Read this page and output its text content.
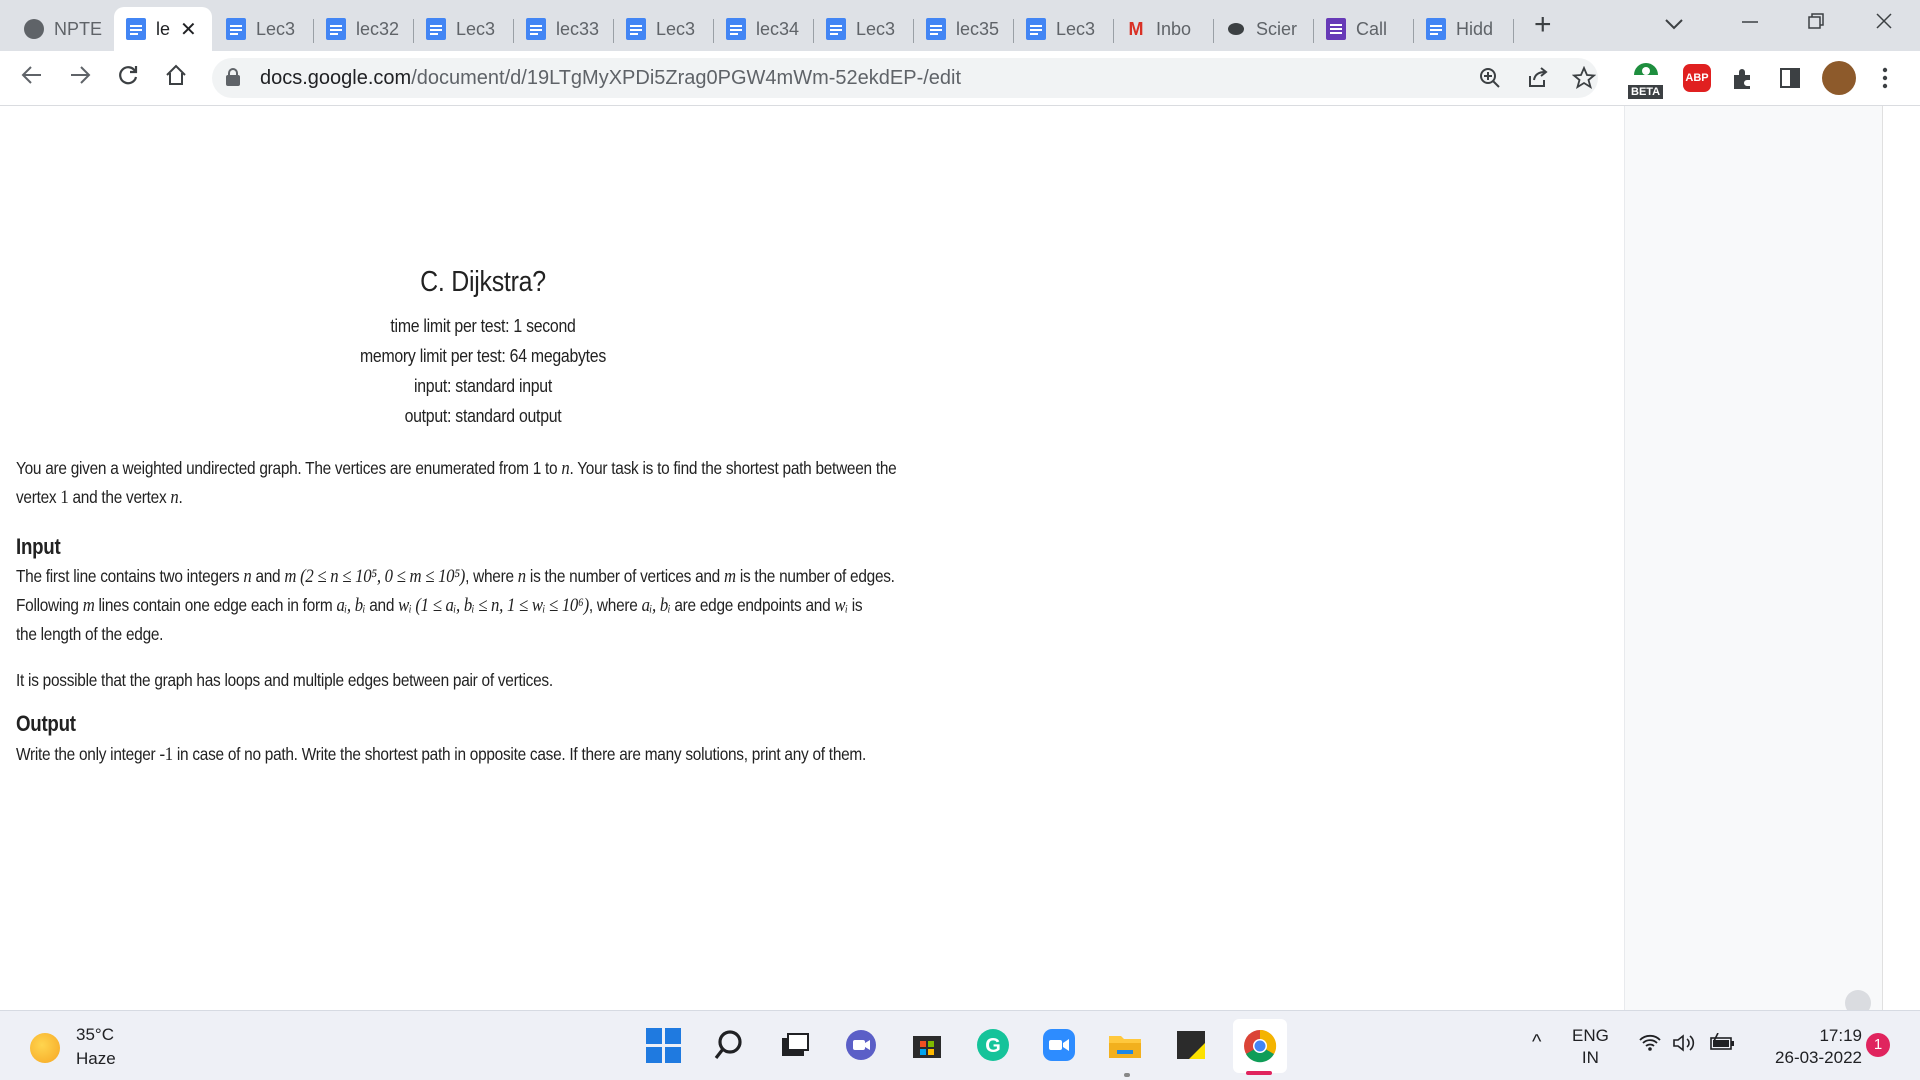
NPTE	le ✕	Lec3	lec32	Lec3	lec33	Lec3	lec34	Lec3	lec35	Lec3 M Inbo	Scier	Call	Hidd +
docs.google.com/document/d/19LTgMyXPDi5Zrag0PGW4mWm-52ekdEP-/edit
BETA
ABP
C. Dijkstra?
time limit per test: 1 second
memory limit per test: 64 megabytes
input: standard input
output: standard output
You are given a weighted undirected graph. The vertices are enumerated from 1 to n. Your task is to find the shortest path between the
vertex 1 and the vertex n.
Input
The first line contains two integers n and m (2 ≤ n ≤ 10⁵, 0 ≤ m ≤ 10⁵), where n is the number of vertices and m is the number of edges.
Following m lines contain one edge each in form aᵢ, bᵢ and wᵢ (1 ≤ aᵢ, bᵢ ≤ n, 1 ≤ wᵢ ≤ 10⁶), where aᵢ, bᵢ are edge endpoints and wᵢ is
the length of the edge.
It is possible that the graph has loops and multiple edges between pair of vertices.
Output
Write the only integer -1 in case of no path. Write the shortest path in opposite case. If there are many solutions, print any of them.
35°C
Haze
G	^ ENG
IN
17:19
26-03-2022
1
